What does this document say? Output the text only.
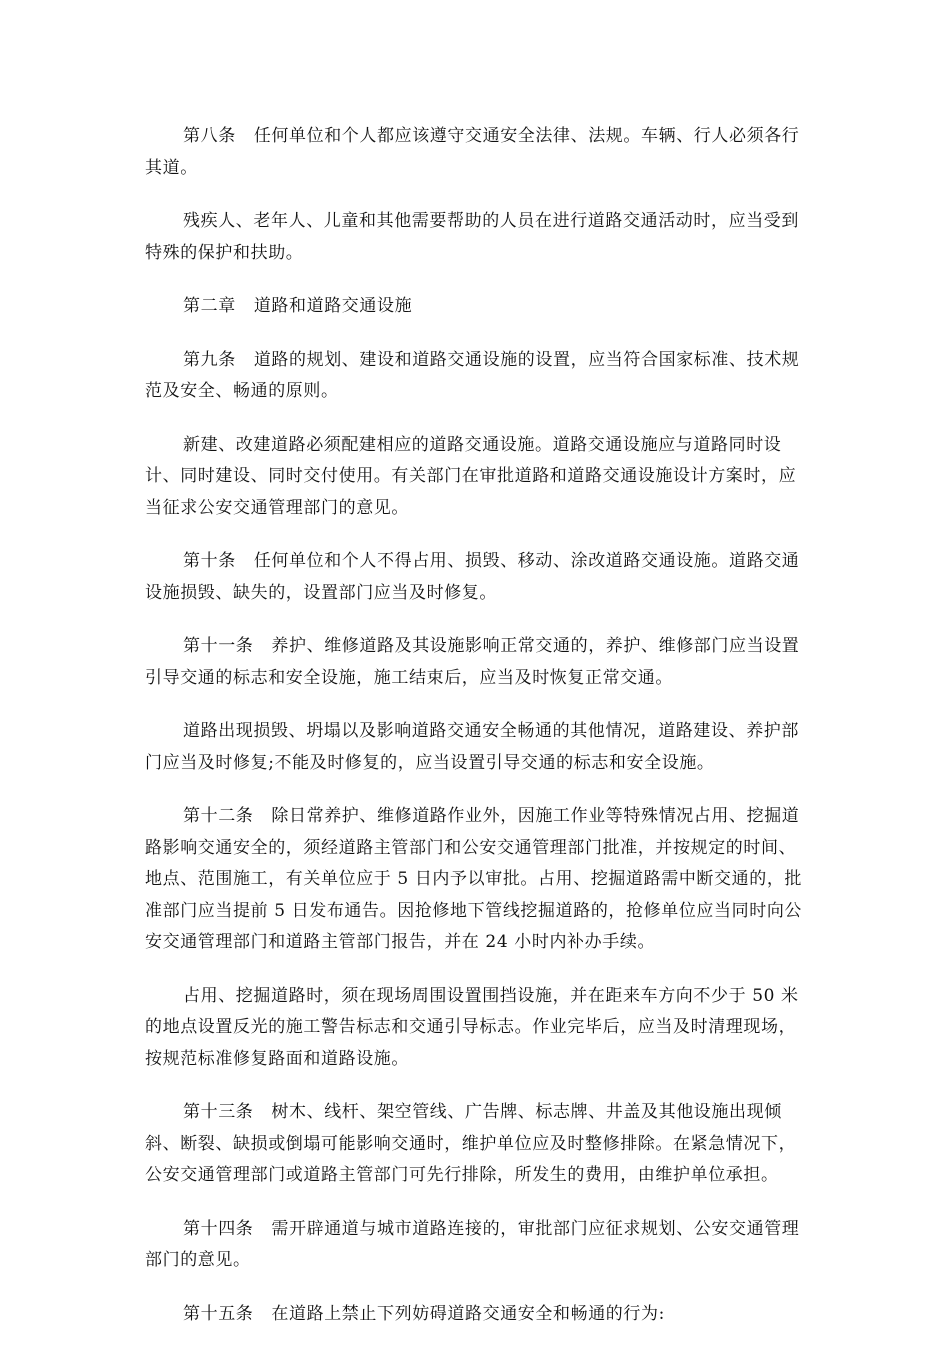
第八条 任何单位和个人都应该遵守交通安全法律、法规。车辆、行人必须各行其道。

残疾人、老年人、儿童和其他需要帮助的人员在进行道路交通活动时，应当受到特殊的保护和扶助。

第二章 道路和道路交通设施

第九条 道路的规划、建设和道路交通设施的设置，应当符合国家标准、技术规范及安全、畅通的原则。

新建、改建道路必须配建相应的道路交通设施。道路交通设施应与道路同时设计、同时建设、同时交付使用。有关部门在审批道路和道路交通设施设计方案时，应当征求公安交通管理部门的意见。

第十条 任何单位和个人不得占用、损毁、移动、涂改道路交通设施。道路交通设施损毁、缺失的，设置部门应当及时修复。

第十一条 养护、维修道路及其设施影响正常交通的，养护、维修部门应当设置引导交通的标志和安全设施，施工结束后，应当及时恢复正常交通。

道路出现损毁、坍塌以及影响道路交通安全畅通的其他情况，道路建设、养护部门应当及时修复;不能及时修复的，应当设置引导交通的标志和安全设施。

第十二条 除日常养护、维修道路作业外，因施工作业等特殊情况占用、挖掘道路影响交通安全的，须经道路主管部门和公安交通管理部门批准，并按规定的时间、地点、范围施工，有关单位应于 5 日内予以审批。占用、挖掘道路需中断交通的，批准部门应当提前 5 日发布通告。因抢修地下管线挖掘道路的，抢修单位应当同时向公安交通管理部门和道路主管部门报告，并在 24 小时内补办手续。

占用、挖掘道路时，须在现场周围设置围挡设施，并在距来车方向不少于 50 米的地点设置反光的施工警告标志和交通引导标志。作业完毕后，应当及时清理现场，按规范标准修复路面和道路设施。

第十三条 树木、线杆、架空管线、广告牌、标志牌、井盖及其他设施出现倾斜、断裂、缺损或倒塌可能影响交通时，维护单位应及时整修排除。在紧急情况下，公安交通管理部门或道路主管部门可先行排除，所发生的费用，由维护单位承担。

第十四条 需开辟通道与城市道路连接的，审批部门应征求规划、公安交通管理部门的意见。

第十五条 在道路上禁止下列妨碍道路交通安全和畅通的行为:
